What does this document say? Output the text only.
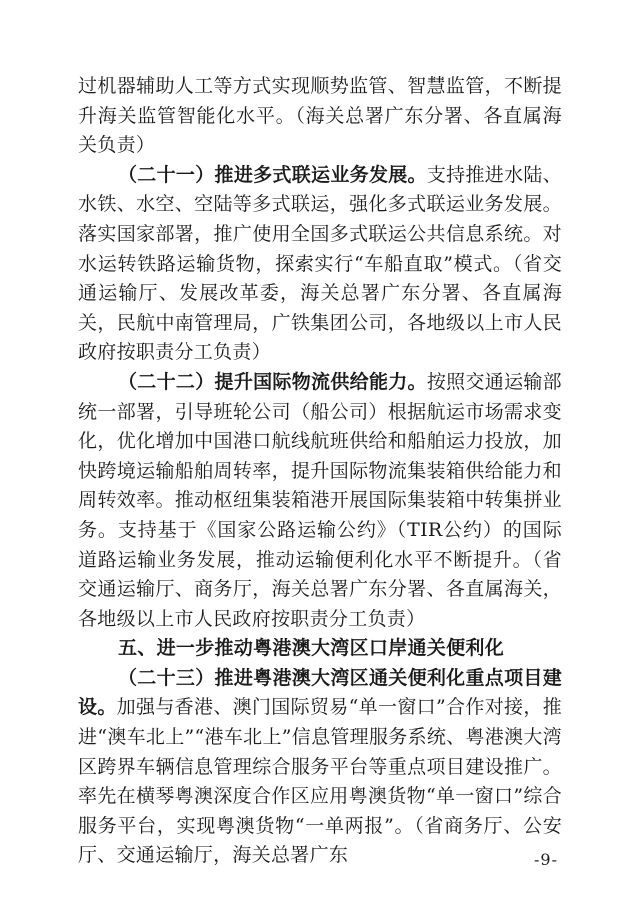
过机器辅助人工等方式实现顺势监管、智慧监管，不断提升海关监管智能化水平。（海关总署广东分署、各直属海关负责）

（二十一）推进多式联运业务发展。支持推进水陆、水铁、水空、空陆等多式联运，强化多式联运业务发展。落实国家部署，推广使用全国多式联运公共信息系统。对水运转铁路运输货物，探索实行“车船直取”模式。（省交通运输厅、发展改革委，海关总署广东分署、各直属海关，民航中南管理局，广铁集团公司，各地级以上市人民政府按职责分工负责）

（二十二）提升国际物流供给能力。按照交通运输部统一部署，引导班轮公司（船公司）根据航运市场需求变化，优化增加中国港口航线航班供给和船舶运力投放，加快跨境运输船舶周转率，提升国际物流集装箱供给能力和周转效率。推动枢纽集装箱港开展国际集装箱中转集拼业务。支持基于《国家公路运输公约》（TIR公约）的国际道路运输业务发展，推动运输便利化水平不断提升。（省交通运输厅、商务厅，海关总署广东分署、各直属海关，各地级以上市人民政府按职责分工负责）

五、进一步推动粤港澳大湾区口岸通关便利化

（二十三）推进粤港澳大湾区通关便利化重点项目建设。加强与香港、澳门国际贸易“单一窗口”合作对接，推进“澳车北上”“港车北上”信息管理服务系统、粤港澳大湾区跨界车辆信息管理综合服务平台等重点项目建设推广。率先在横琴粤澳深度合作区应用粤澳货物“单一窗口”综合服务平台，实现粤澳货物“一单两报”。（省商务厅、公安厅、交通运输厅，海关总署广东	-9-
